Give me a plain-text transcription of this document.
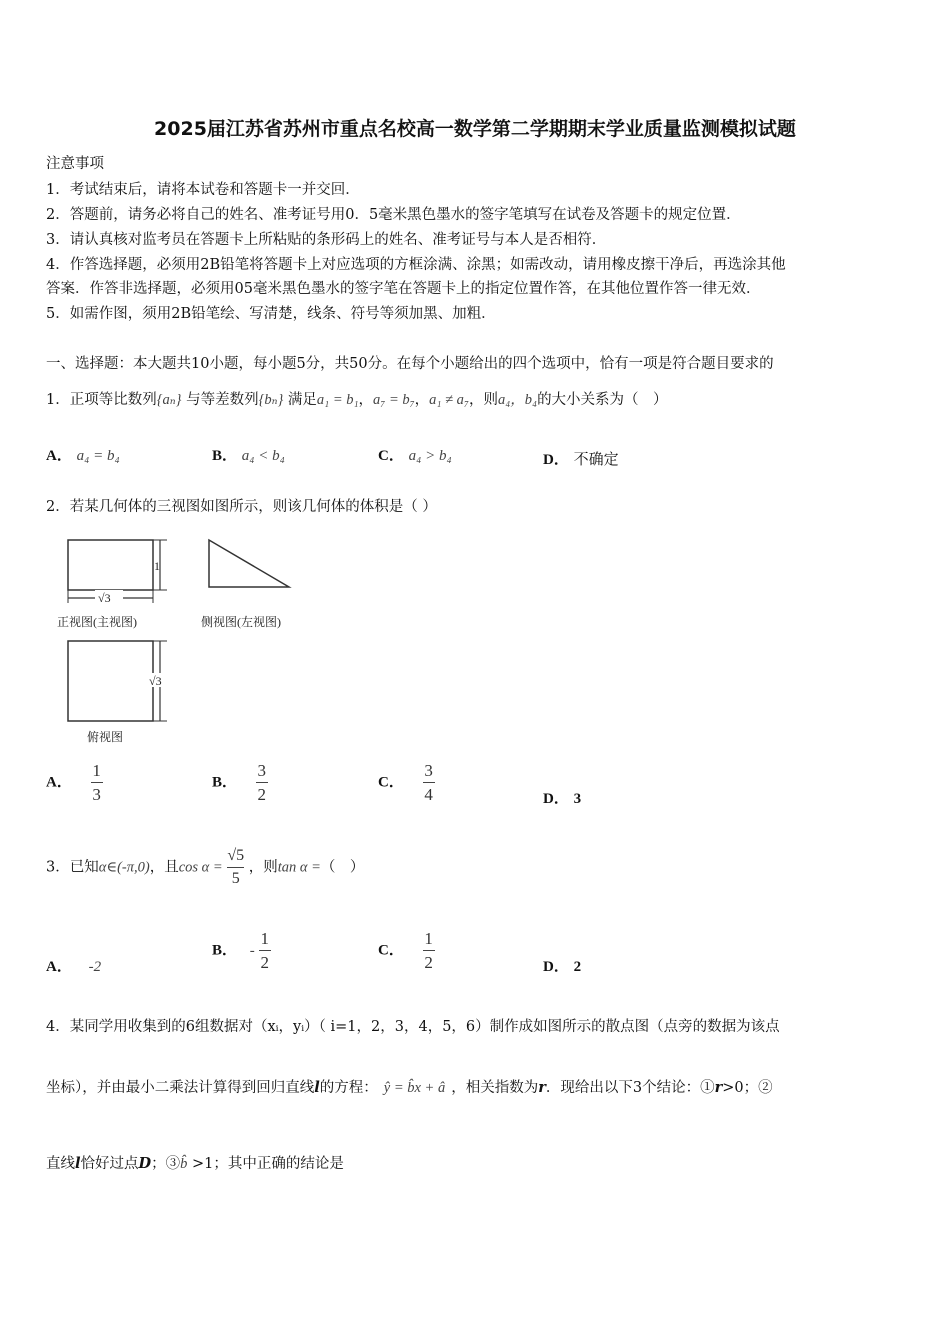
2025届江苏省苏州市重点名校高一数学第二学期期末学业质量监测模拟试题
注意事项
1．考试结束后，请将本试卷和答题卡一并交回．
2．答题前，请务必将自己的姓名、准考证号用0．5毫米黑色墨水的签字笔填写在试卷及答题卡的规定位置．
3．请认真核对监考员在答题卡上所粘贴的条形码上的姓名、准考证号与本人是否相符．
4．作答选择题，必须用2B铅笔将答题卡上对应选项的方框涂满、涂黑；如需改动，请用橡皮擦干净后，再选涂其他
答案．作答非选择题，必须用05毫米黑色墨水的签字笔在答题卡上的指定位置作答，在其他位置作答一律无效．
5．如需作图，须用2B铅笔绘、写清楚，线条、符号等须加黑、加粗．
一、选择题：本大题共10小题，每小题5分，共50分。在每个小题给出的四个选项中，恰有一项是符合题目要求的
1．正项等比数列{aₙ} 与等差数列{bₙ} 满足a₁ = b₁，a₇ = b₇，a₁ ≠ a₇，则a₄，b₄的大小关系为（　）
A． a₄ = b₄	B． a₄ < b₄	C． a₄ > b₄	D． 不确定
2．若某几何体的三视图如图所示，则该几何体的体积是（ ）
1
√3
正视图(主视图)	侧视图(左视图)
√3
俯视图
A． $\frac{1}{3}$	B． $\frac{3}{2}$	C． $\frac{3}{4}$	D． 3
3．已知α∈(-π,0)，且$\cos \alpha = \frac{√5}{5}$ ，则tan α =（　）
A． -2
B． - $\frac{1}{2}$	C． $\frac{1}{2}$	D． 2
4．某同学用收集到的6组数据对（xᵢ，yᵢ）（ i=1，2，3，4，5，6）制作成如图所示的散点图（点旁的数据为该点
坐标），并由最小二乘法计算得到回归直线l的方程： ŷ = b̂x + â ，相关指数为r．现给出以下3个结论：①r>0；②
直线l恰好过点D；③b̂ >1；其中正确的结论是
